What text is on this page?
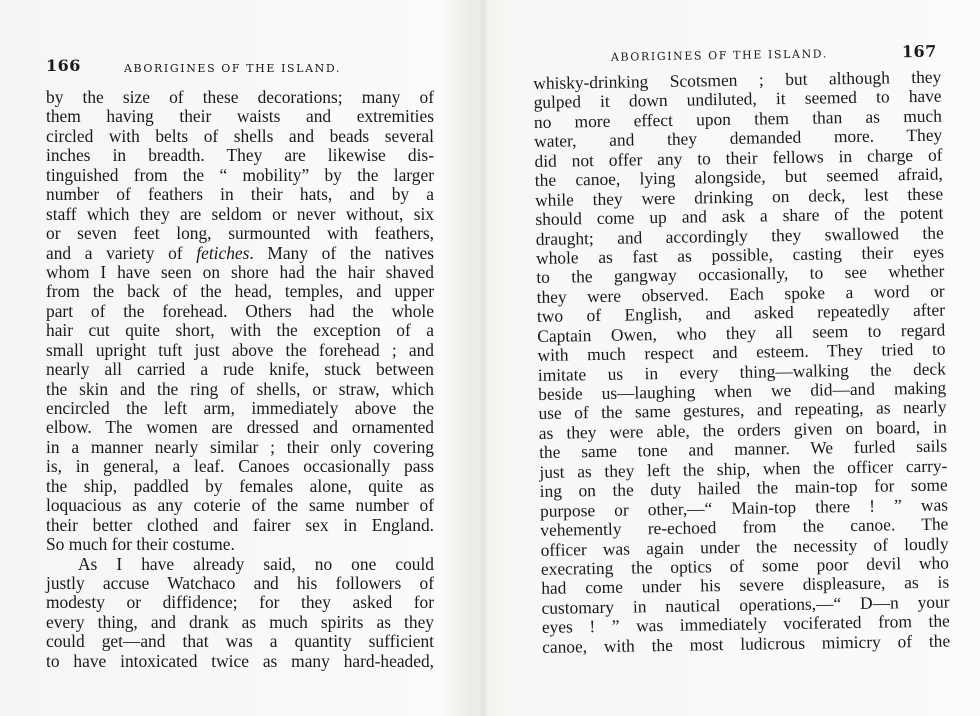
166	ABORIGINES OF THE ISLAND.
by the size of these decorations; many of
them having their waists and extremities
circled with belts of shells and beads several
inches in breadth. They are likewise dis-
tinguished from the “ mobility” by the larger
number of feathers in their hats, and by a
staff which they are seldom or never without, six
or seven feet long, surmounted with feathers,
and a variety of fetiches. Many of the natives
whom I have seen on shore had the hair shaved
from the back of the head, temples, and upper
part of the forehead. Others had the whole
hair cut quite short, with the exception of a
small upright tuft just above the forehead ; and
nearly all carried a rude knife, stuck between
the skin and the ring of shells, or straw, which
encircled the left arm, immediately above the
elbow. The women are dressed and ornamented
in a manner nearly similar ; their only covering
is, in general, a leaf. Canoes occasionally pass
the ship, paddled by females alone, quite as
loquacious as any coterie of the same number of
their better clothed and fairer sex in England.
So much for their costume.
As I have already said, no one could
justly accuse Watchaco and his followers of
modesty or diffidence; for they asked for
every thing, and drank as much spirits as they
could get—and that was a quantity sufficient
to have intoxicated twice as many hard-headed,
ABORIGINES OF THE ISLAND.	167
whisky-drinking Scotsmen ; but although they
gulped it down undiluted, it seemed to have
no more effect upon them than as much
water, and they demanded more. They
did not offer any to their fellows in charge of
the canoe, lying alongside, but seemed afraid,
while they were drinking on deck, lest these
should come up and ask a share of the potent
draught; and accordingly they swallowed the
whole as fast as possible, casting their eyes
to the gangway occasionally, to see whether
they were observed. Each spoke a word or
two of English, and asked repeatedly after
Captain Owen, who they all seem to regard
with much respect and esteem. They tried to
imitate us in every thing—walking the deck
beside us—laughing when we did—and making
use of the same gestures, and repeating, as nearly
as they were able, the orders given on board, in
the same tone and manner. We furled sails
just as they left the ship, when the officer carry-
ing on the duty hailed the main-top for some
purpose or other,—“ Main-top there ! ” was
vehemently re-echoed from the canoe. The
officer was again under the necessity of loudly
execrating the optics of some poor devil who
had come under his severe displeasure, as is
customary in nautical operations,—“ D—n your
eyes ! ” was immediately vociferated from the
canoe, with the most ludicrous mimicry of the
